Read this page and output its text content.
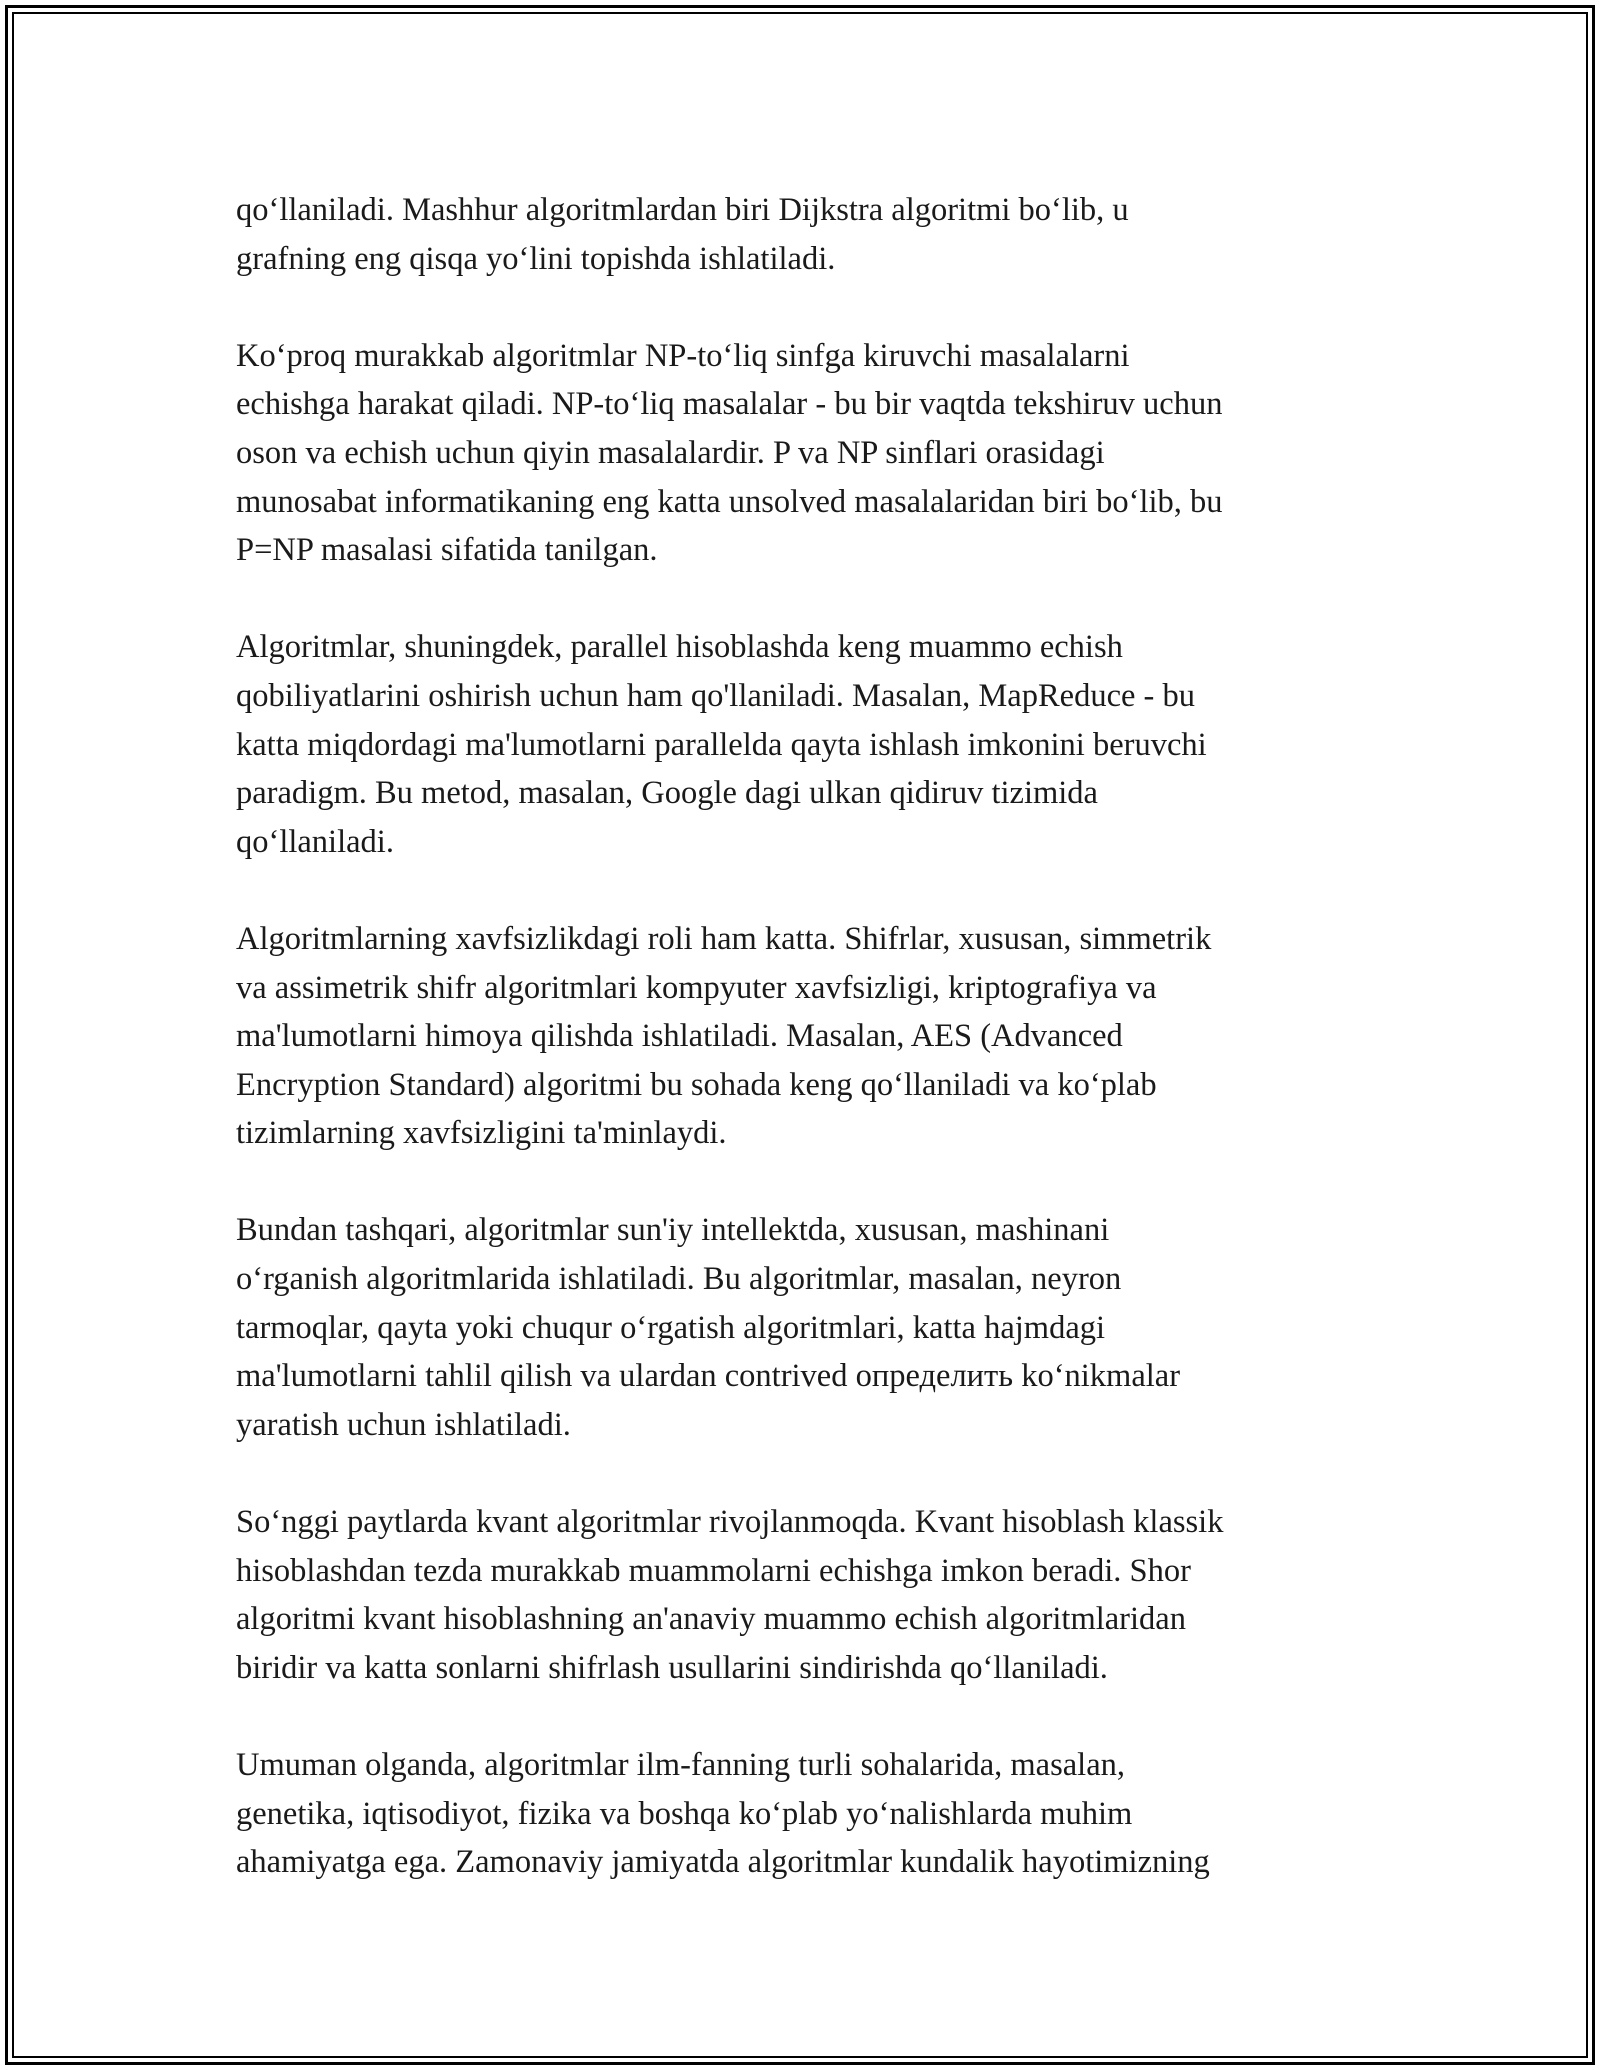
qo‘llaniladi. Mashhur algoritmlardan biri Dijkstra algoritmi bo‘lib, u
grafning eng qisqa yo‘lini topishda ishlatiladi.

Ko‘proq murakkab algoritmlar NP-to‘liq sinfga kiruvchi masalalarni
echishga harakat qiladi. NP-to‘liq masalalar - bu bir vaqtda tekshiruv uchun
oson va echish uchun qiyin masalalardir. P va NP sinflari orasidagi
munosabat informatikaning eng katta unsolved masalalaridan biri bo‘lib, bu
P=NP masalasi sifatida tanilgan.

Algoritmlar, shuningdek, parallel hisoblashda keng muammo echish
qobiliyatlarini oshirish uchun ham qo'llaniladi. Masalan, MapReduce - bu
katta miqdordagi ma'lumotlarni parallelda qayta ishlash imkonini beruvchi
paradigm. Bu metod, masalan, Google dagi ulkan qidiruv tizimida
qo‘llaniladi.

Algoritmlarning xavfsizlikdagi roli ham katta. Shifrlar, xususan, simmetrik
va assimetrik shifr algoritmlari kompyuter xavfsizligi, kriptografiya va
ma'lumotlarni himoya qilishda ishlatiladi. Masalan, AES (Advanced
Encryption Standard) algoritmi bu sohada keng qo‘llaniladi va ko‘plab
tizimlarning xavfsizligini ta'minlaydi.

Bundan tashqari, algoritmlar sun'iy intellektda, xususan, mashinani
o‘rganish algoritmlarida ishlatiladi. Bu algoritmlar, masalan, neyron
tarmoqlar, qayta yoki chuqur o‘rgatish algoritmlari, katta hajmdagi
ma'lumotlarni tahlil qilish va ulardan contrived определить ko‘nikmalar
yaratish uchun ishlatiladi.

So‘nggi paytlarda kvant algoritmlar rivojlanmoqda. Kvant hisoblash klassik
hisoblashdan tezda murakkab muammolarni echishga imkon beradi. Shor
algoritmi kvant hisoblashning an'anaviy muammo echish algoritmlaridan
biridir va katta sonlarni shifrlash usullarini sindirishda qo‘llaniladi.

Umuman olganda, algoritmlar ilm-fanning turli sohalarida, masalan,
genetika, iqtisodiyot, fizika va boshqa ko‘plab yo‘nalishlarda muhim
ahamiyatga ega. Zamonaviy jamiyatda algoritmlar kundalik hayotimizning
